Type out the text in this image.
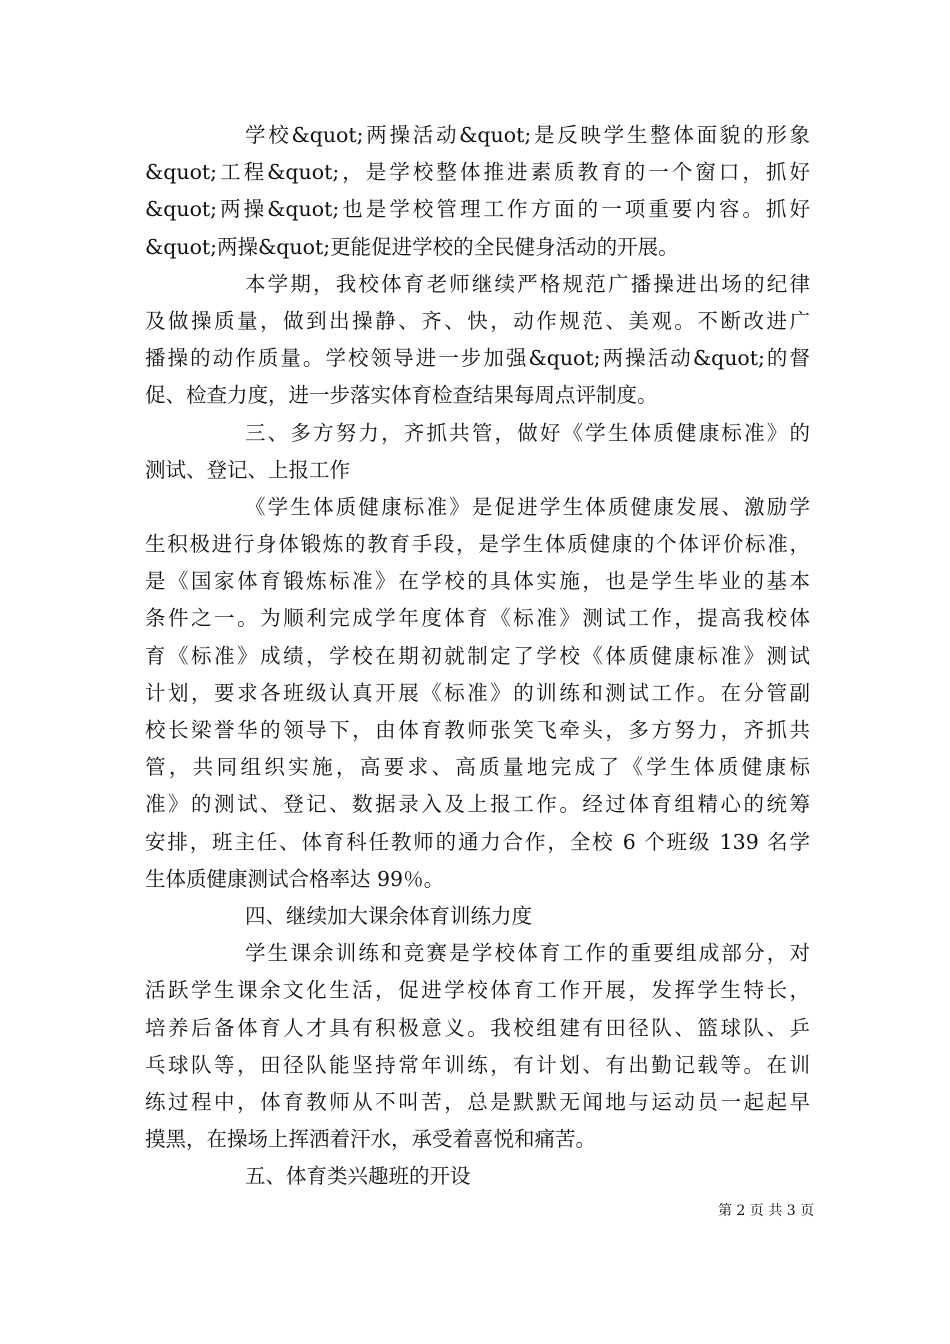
学校&quot;两操活动&quot;是反映学生整体面貌的形象
&quot;工程&quot;，是学校整体推进素质教育的一个窗口，抓好
&quot;两操&quot;也是学校管理工作方面的一项重要内容。抓好
&quot;两操&quot;更能促进学校的全民健身活动的开展。
本学期，我校体育老师继续严格规范广播操进出场的纪律
及做操质量，做到出操静、齐、快，动作规范、美观。不断改进广
播操的动作质量。学校领导进一步加强&quot;两操活动&quot;的督
促、检查力度，进一步落实体育检查结果每周点评制度。
三、多方努力，齐抓共管，做好《学生体质健康标准》的
测试、登记、上报工作
《学生体质健康标准》是促进学生体质健康发展、激励学
生积极进行身体锻炼的教育手段，是学生体质健康的个体评价标准，
是《国家体育锻炼标准》在学校的具体实施，也是学生毕业的基本
条件之一。为顺利完成学年度体育《标准》测试工作，提高我校体
育《标准》成绩，学校在期初就制定了学校《体质健康标准》测试
计划，要求各班级认真开展《标准》的训练和测试工作。在分管副
校长梁誉华的领导下，由体育教师张笑飞牵头，多方努力，齐抓共
管，共同组织实施，高要求、高质量地完成了《学生体质健康标
准》的测试、登记、数据录入及上报工作。经过体育组精心的统筹
安排，班主任、体育科任教师的通力合作，全校 6 个班级 139 名学
生体质健康测试合格率达 99％。
四、继续加大课余体育训练力度
学生课余训练和竞赛是学校体育工作的重要组成部分，对
活跃学生课余文化生活，促进学校体育工作开展，发挥学生特长，
培养后备体育人才具有积极意义。我校组建有田径队、篮球队、乒
乓球队等，田径队能坚持常年训练，有计划、有出勤记载等。在训
练过程中，体育教师从不叫苦，总是默默无闻地与运动员一起起早
摸黑，在操场上挥洒着汗水，承受着喜悦和痛苦。
五、体育类兴趣班的开设
第 2 页 共 3 页
